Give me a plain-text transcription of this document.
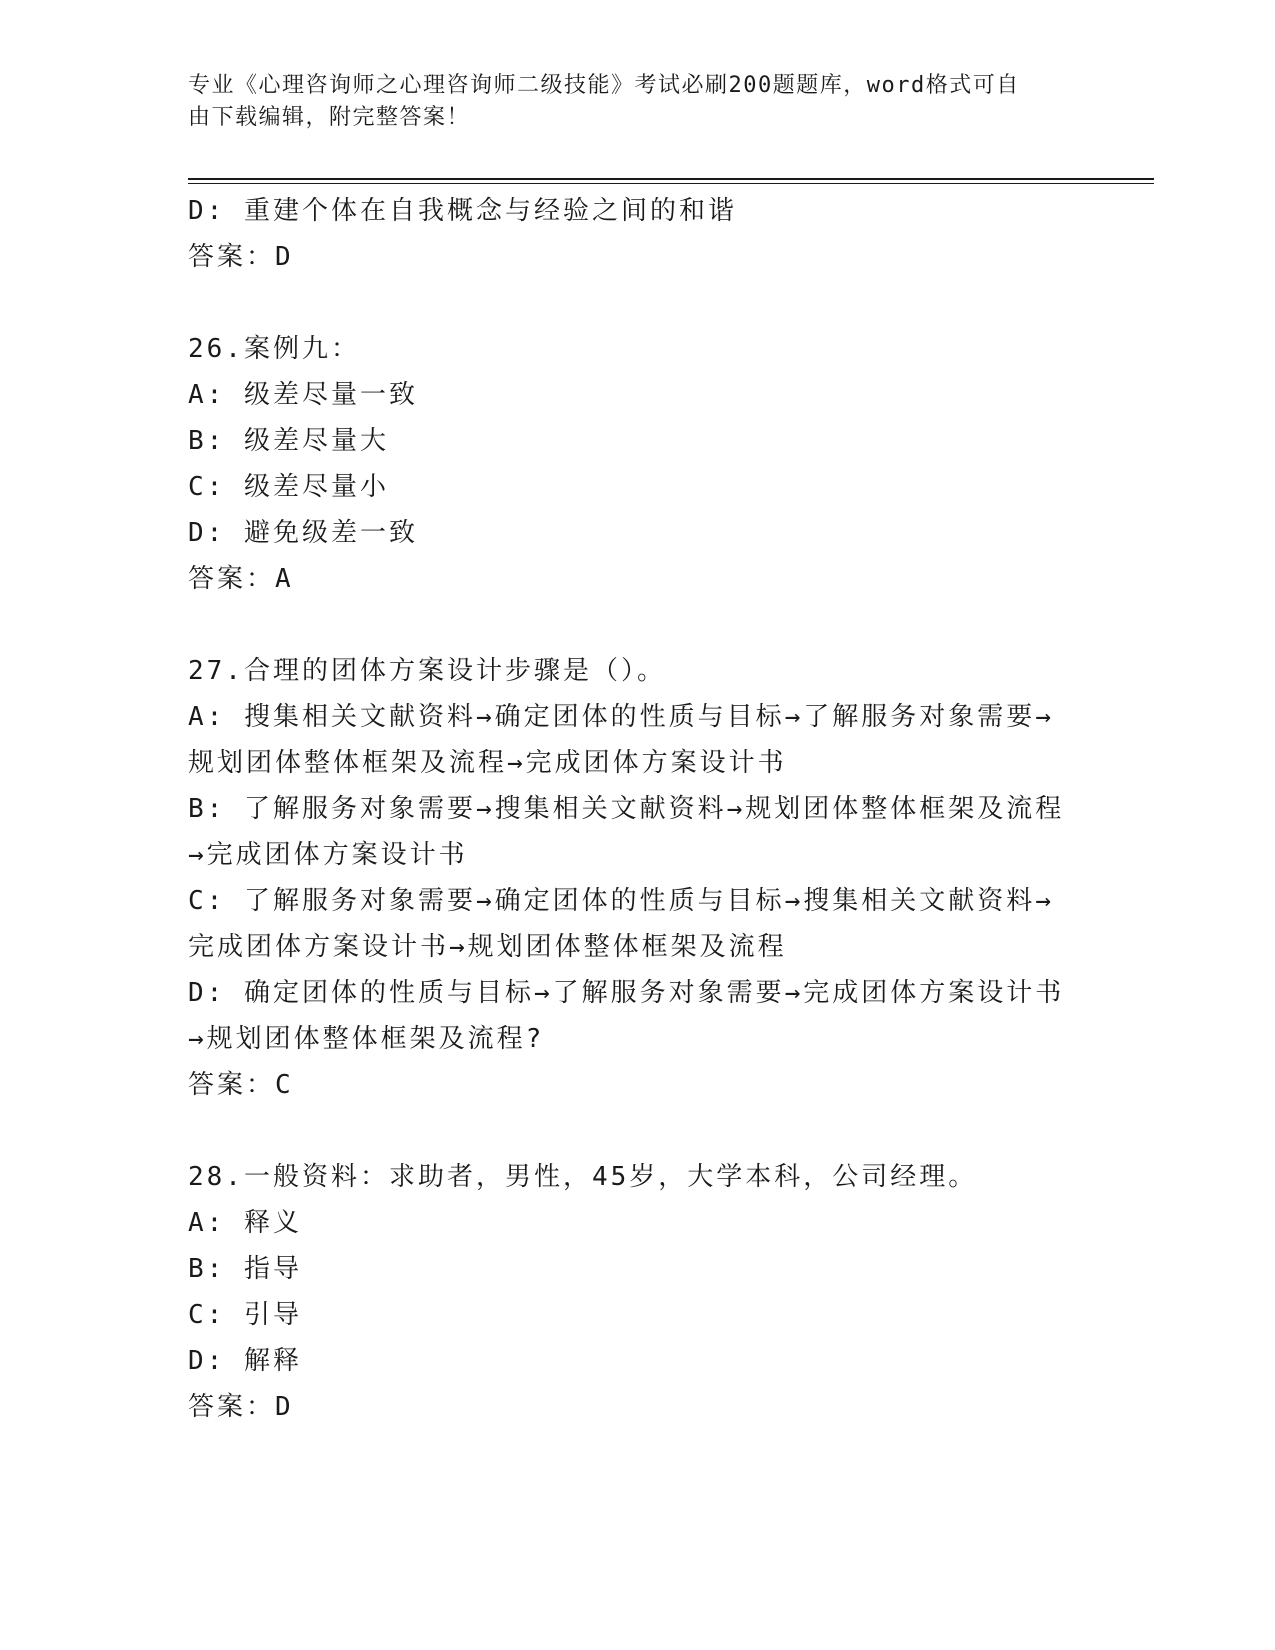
专业《心理咨询师之心理咨询师二级技能》考试必刷200题题库，word格式可自
由下载编辑，附完整答案！
D: 重建个体在自我概念与经验之间的和谐
答案：D
26.案例九：
A: 级差尽量一致
B: 级差尽量大
C: 级差尽量小
D: 避免级差一致
答案：A
27.合理的团体方案设计步骤是（）。
A: 搜集相关文献资料→确定团体的性质与目标→了解服务对象需要→
规划团体整体框架及流程→完成团体方案设计书
B: 了解服务对象需要→搜集相关文献资料→规划团体整体框架及流程
→完成团体方案设计书
C: 了解服务对象需要→确定团体的性质与目标→搜集相关文献资料→
完成团体方案设计书→规划团体整体框架及流程
D: 确定团体的性质与目标→了解服务对象需要→完成团体方案设计书
→规划团体整体框架及流程?
答案：C
28.一般资料：求助者，男性，45岁，大学本科，公司经理。
A: 释义
B: 指导
C: 引导
D: 解释
答案：D
